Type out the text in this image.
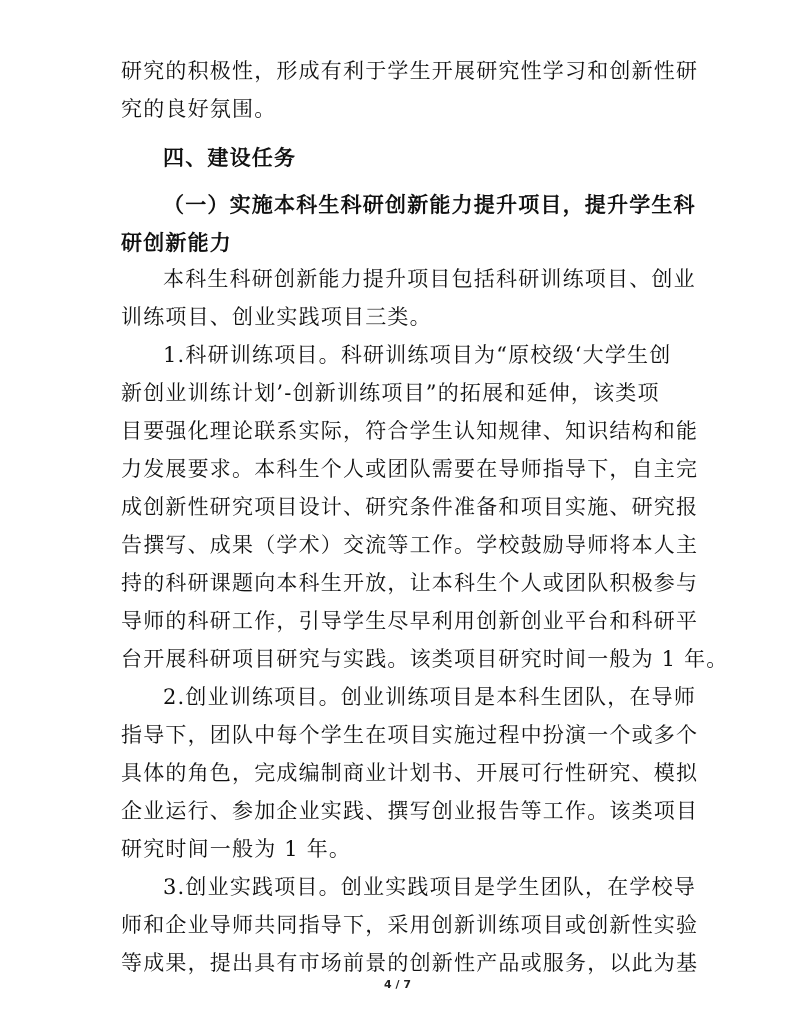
研究的积极性，形成有利于学生开展研究性学习和创新性研
究的良好氛围。
四、建设任务
（一）实施本科生科研创新能力提升项目，提升学生科
研创新能力
本科生科研创新能力提升项目包括科研训练项目、创业
训练项目、创业实践项目三类。
1.科研训练项目。科研训练项目为“原校级‘大学生创
新创业训练计划’-创新训练项目”的拓展和延伸，该类项
目要强化理论联系实际，符合学生认知规律、知识结构和能
力发展要求。本科生个人或团队需要在导师指导下，自主完
成创新性研究项目设计、研究条件准备和项目实施、研究报
告撰写、成果（学术）交流等工作。学校鼓励导师将本人主
持的科研课题向本科生开放，让本科生个人或团队积极参与
导师的科研工作，引导学生尽早利用创新创业平台和科研平
台开展科研项目研究与实践。该类项目研究时间一般为 1 年。
2.创业训练项目。创业训练项目是本科生团队，在导师
指导下，团队中每个学生在项目实施过程中扮演一个或多个
具体的角色，完成编制商业计划书、开展可行性研究、模拟
企业运行、参加企业实践、撰写创业报告等工作。该类项目
研究时间一般为 1 年。
3.创业实践项目。创业实践项目是学生团队，在学校导
师和企业导师共同指导下，采用创新训练项目或创新性实验
等成果，提出具有市场前景的创新性产品或服务，以此为基
4 / 7
